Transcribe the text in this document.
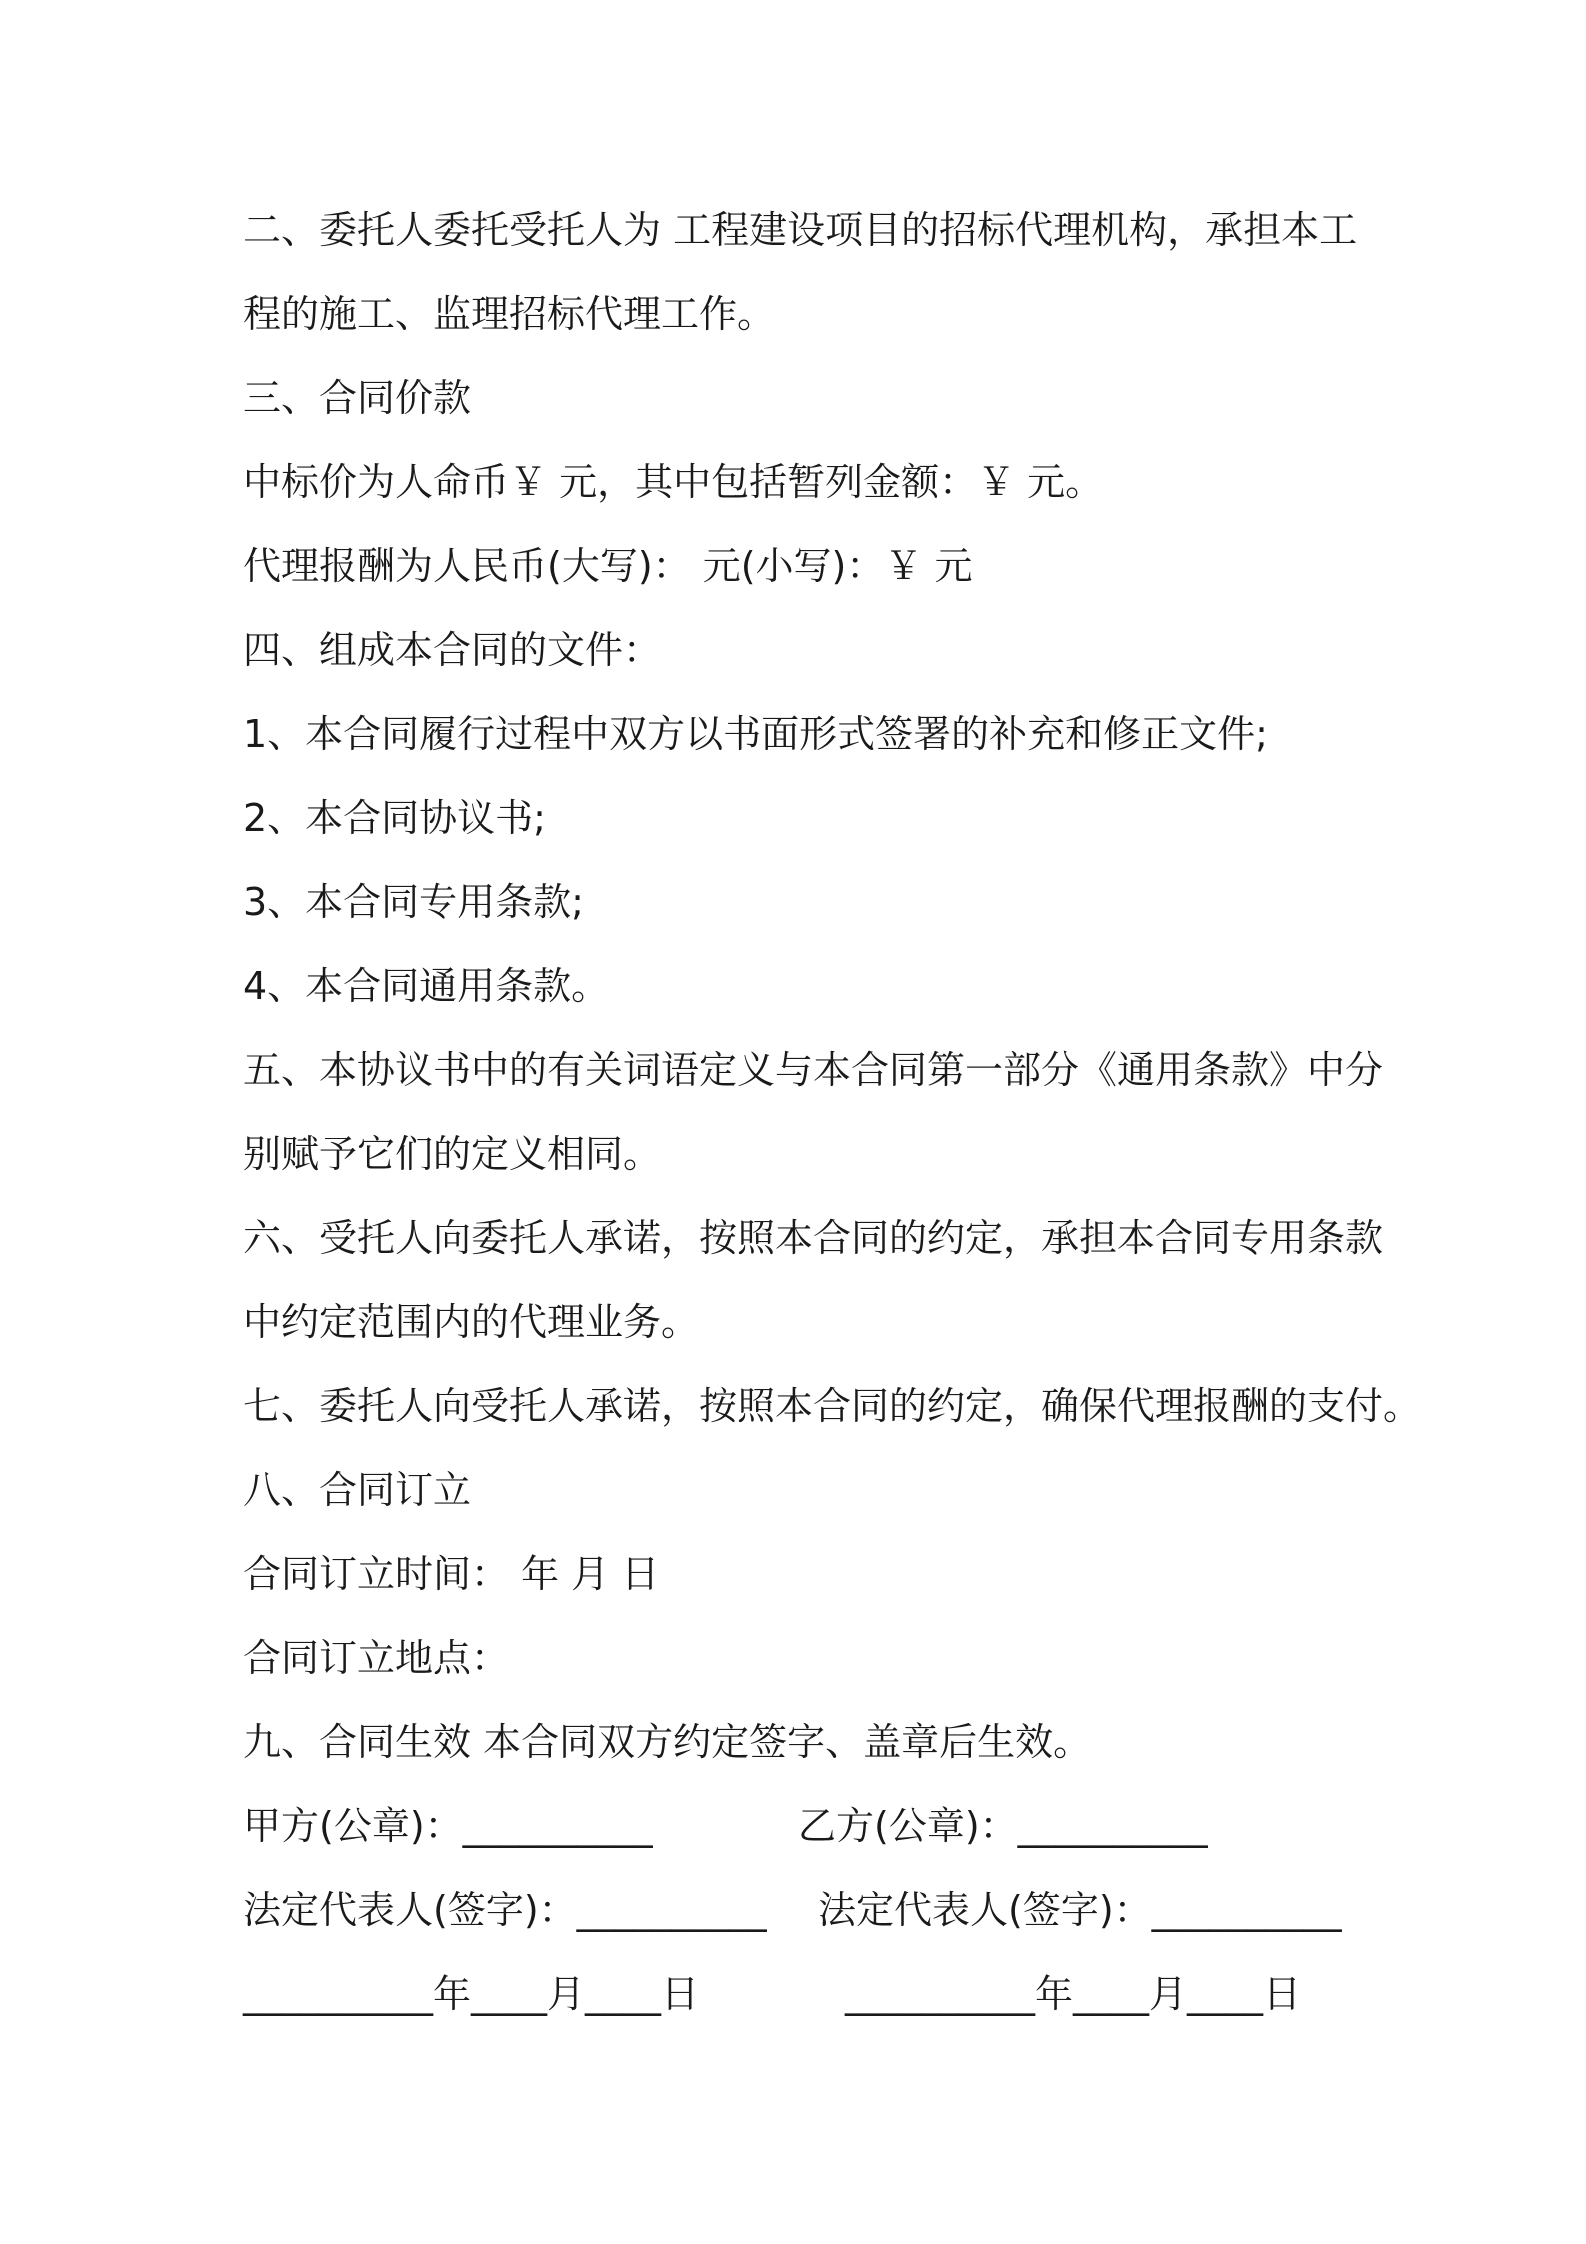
二、委托人委托受托人为 工程建设项目的招标代理机构，承担本工

程的施工、监理招标代理工作。

三、合同价款

中标价为人命币￥ 元，其中包括暂列金额：￥ 元。

代理报酬为人民币(大写)： 元(小写)：￥ 元

四、组成本合同的文件：

1、本合同履行过程中双方以书面形式签署的补充和修正文件;

2、本合同协议书;

3、本合同专用条款;

4、本合同通用条款。

五、本协议书中的有关词语定义与本合同第一部分《通用条款》中分

别赋予它们的定义相同。

六、受托人向委托人承诺，按照本合同的约定，承担本合同专用条款

中约定范围内的代理业务。

七、委托人向受托人承诺，按照本合同的约定，确保代理报酬的支付。

八、合同订立

合同订立时间： 年 月 日

合同订立地点：

九、合同生效 本合同双方约定签字、盖章后生效。

甲方(公章)：__________	乙方(公章)：__________

法定代表人(签字)：__________ 法定代表人(签字)：__________

__________年____月____日	__________年____月____日
